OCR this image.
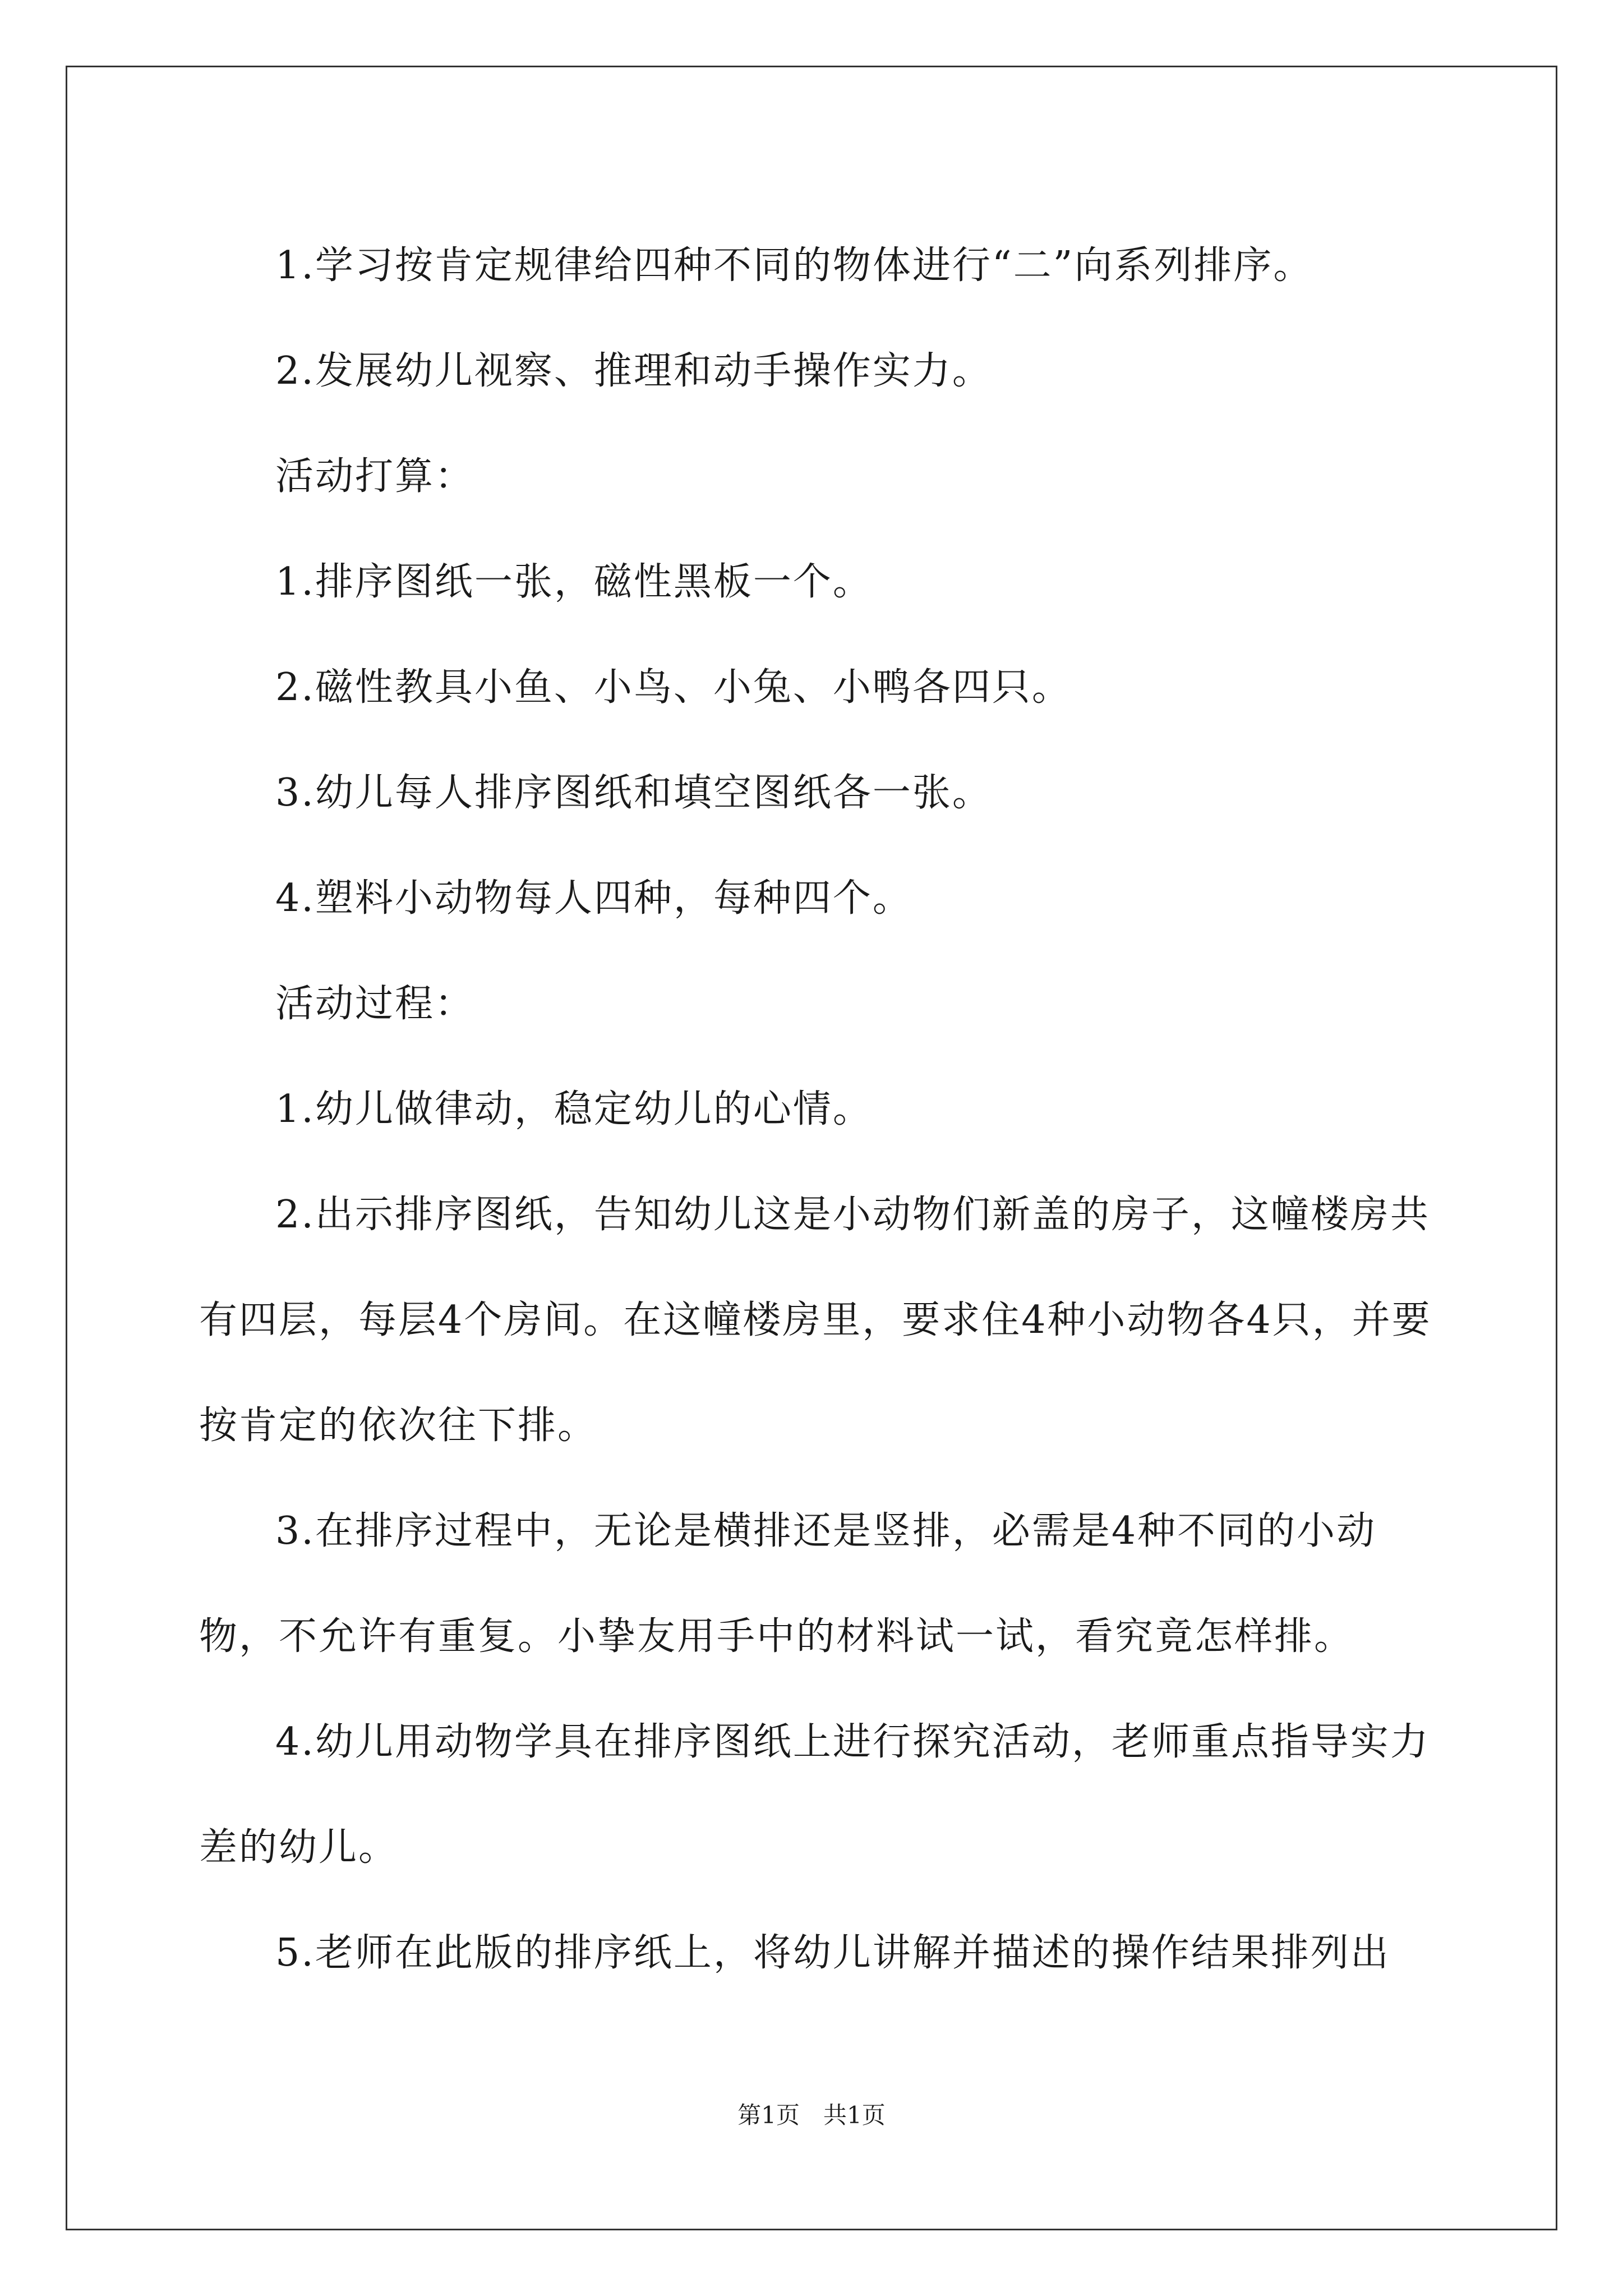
1.学习按肯定规律给四种不同的物体进行“二”向系列排序。

2.发展幼儿视察、推理和动手操作实力。

活动打算：

1.排序图纸一张，磁性黑板一个。

2.磁性教具小鱼、小鸟、小兔、小鸭各四只。

3.幼儿每人排序图纸和填空图纸各一张。

4.塑料小动物每人四种，每种四个。

活动过程：

1.幼儿做律动，稳定幼儿的心情。

2.出示排序图纸，告知幼儿这是小动物们新盖的房子，这幢楼房共有四层，每层4个房间。在这幢楼房里，要求住4种小动物各4只，并要按肯定的依次往下排。

3.在排序过程中，无论是横排还是竖排，必需是4种不同的小动物，不允许有重复。小挚友用手中的材料试一试，看究竟怎样排。

4.幼儿用动物学具在排序图纸上进行探究活动，老师重点指导实力差的幼儿。

5.老师在此版的排序纸上，将幼儿讲解并描述的操作结果排列出

第1页　共1页
